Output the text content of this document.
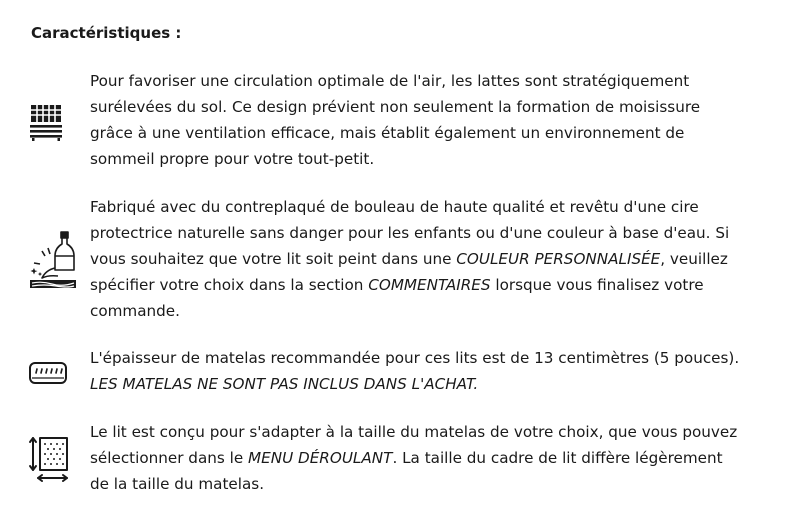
Caractéristiques :
Pour favoriser une circulation optimale de l'air, les lattes sont stratégiquement
surélevées du sol. Ce design prévient non seulement la formation de moisissure
grâce à une ventilation efficace, mais établit également un environnement de
sommeil propre pour votre tout-petit.
Fabriqué avec du contreplaqué de bouleau de haute qualité et revêtu d'une cire
protectrice naturelle sans danger pour les enfants ou d'une couleur à base d'eau. Si
vous souhaitez que votre lit soit peint dans une COULEUR PERSONNALISÉE, veuillez
spécifier votre choix dans la section COMMENTAIRES lorsque vous finalisez votre
commande.
L'épaisseur de matelas recommandée pour ces lits est de 13 centimètres (5 pouces).
LES MATELAS NE SONT PAS INCLUS DANS L'ACHAT.
Le lit est conçu pour s'adapter à la taille du matelas de votre choix, que vous pouvez
sélectionner dans le MENU DÉROULANT. La taille du cadre de lit diffère légèrement
de la taille du matelas.
